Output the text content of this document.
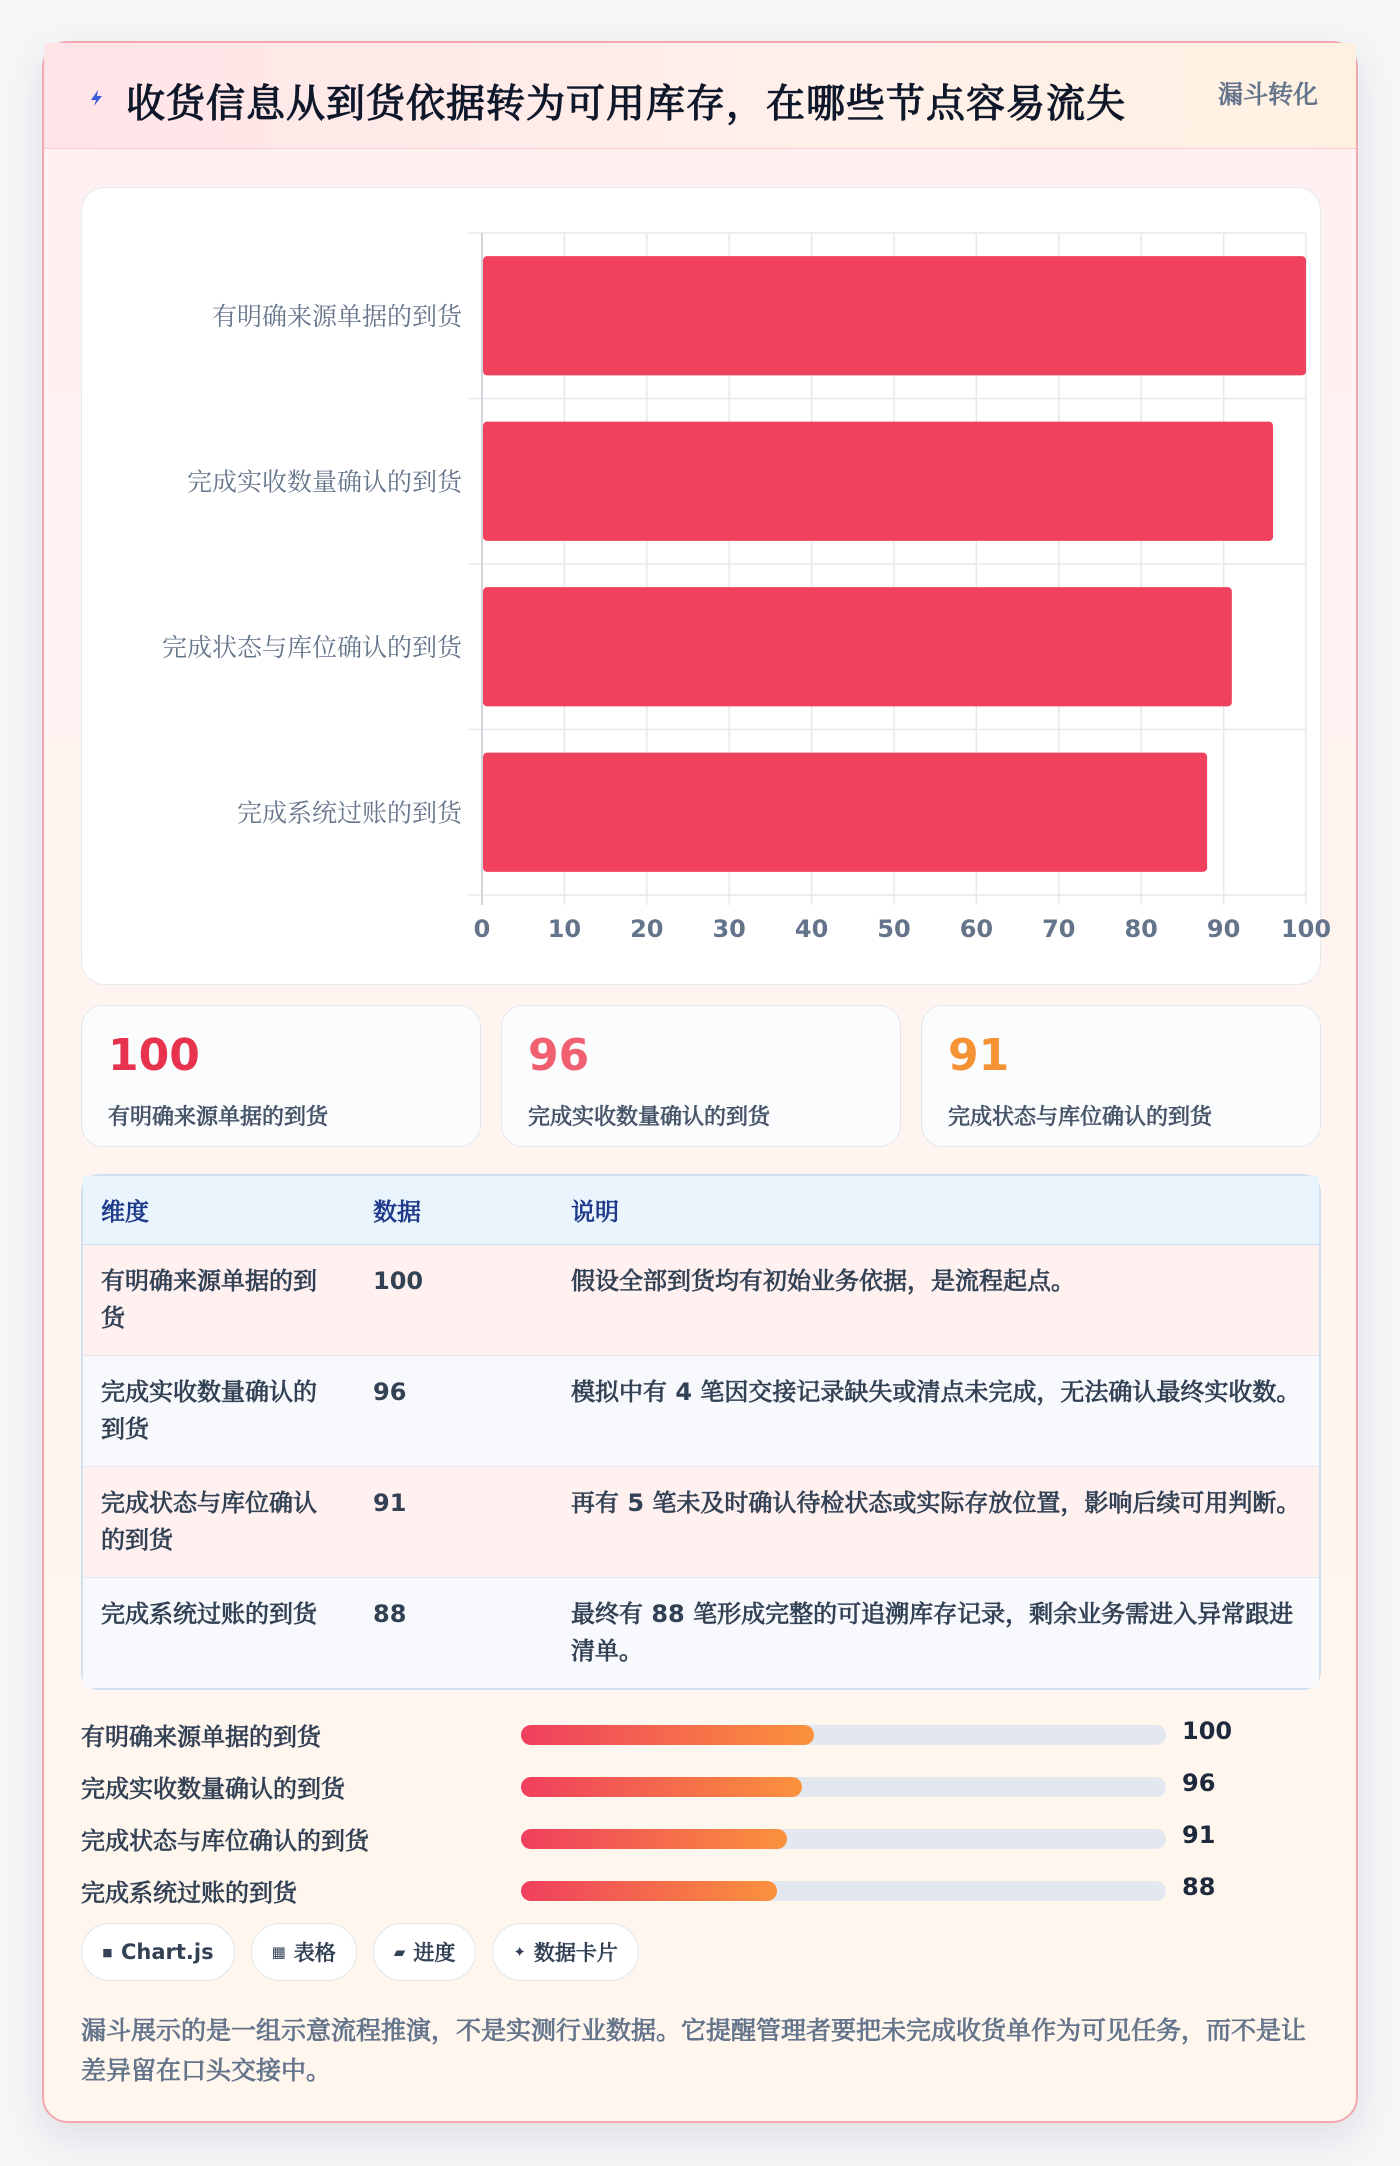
收货信息从到货依据转为可用库存，在哪些节点容易流失	漏斗转化
0 10 20 30 40 50 60 70 80 90 100
有明确来源单据的到货
完成实收数量确认的到货
完成状态与库位确认的到货
完成系统过账的到货
100
有明确来源单据的到货
96
完成实收数量确认的到货
91
完成状态与库位确认的到货
维度	数据	说明
有明确来源单据的到货	100	假设全部到货均有初始业务依据，是流程起点。
完成实收数量确认的到货	96	模拟中有 4 笔因交接记录缺失或清点未完成，无法确认最终实收数。
完成状态与库位确认的到货	91	再有 5 笔未及时确认待检状态或实际存放位置，影响后续可用判断。
完成系统过账的到货	88	最终有 88 笔形成完整的可追溯库存记录，剩余业务需进入异常跟进清单。
有明确来源单据的到货	100
完成实收数量确认的到货	96
完成状态与库位确认的到货	91
完成系统过账的到货	88
◾ Chart.js	▦ 表格	▰ 进度	✦ 数据卡片
漏斗展示的是一组示意流程推演，不是实测行业数据。它提醒管理者要把未完成收货单作为可见任务，而不是让差异留在口头交接中。
